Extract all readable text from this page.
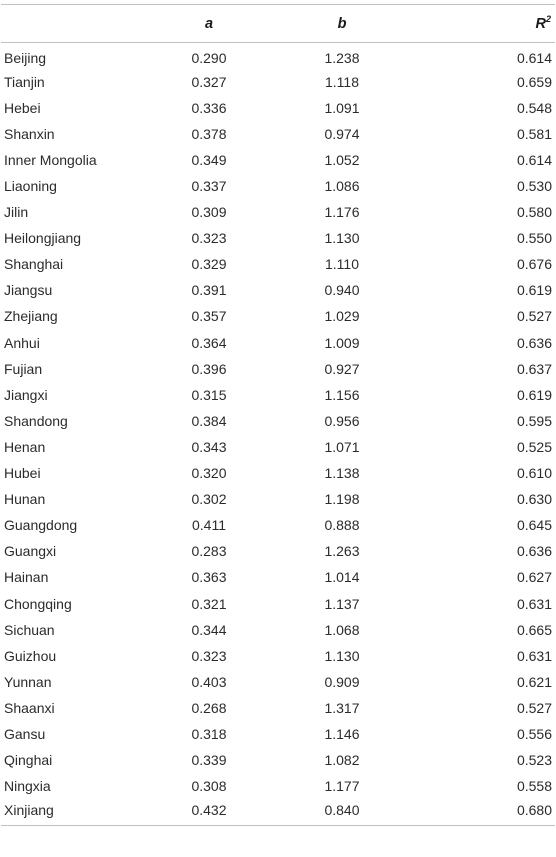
	a	b	$R^2$
Beijing	0.290	1.238	0.614
Tianjin	0.327	1.118	0.659
Hebei	0.336	1.091	0.548
Shanxin	0.378	0.974	0.581
Inner Mongolia	0.349	1.052	0.614
Liaoning	0.337	1.086	0.530
Jilin	0.309	1.176	0.580
Heilongjiang	0.323	1.130	0.550
Shanghai	0.329	1.110	0.676
Jiangsu	0.391	0.940	0.619
Zhejiang	0.357	1.029	0.527
Anhui	0.364	1.009	0.636
Fujian	0.396	0.927	0.637
Jiangxi	0.315	1.156	0.619
Shandong	0.384	0.956	0.595
Henan	0.343	1.071	0.525
Hubei	0.320	1.138	0.610
Hunan	0.302	1.198	0.630
Guangdong	0.411	0.888	0.645
Guangxi	0.283	1.263	0.636
Hainan	0.363	1.014	0.627
Chongqing	0.321	1.137	0.631
Sichuan	0.344	1.068	0.665
Guizhou	0.323	1.130	0.631
Yunnan	0.403	0.909	0.621
Shaanxi	0.268	1.317	0.527
Gansu	0.318	1.146	0.556
Qinghai	0.339	1.082	0.523
Ningxia	0.308	1.177	0.558
Xinjiang	0.432	0.840	0.680
